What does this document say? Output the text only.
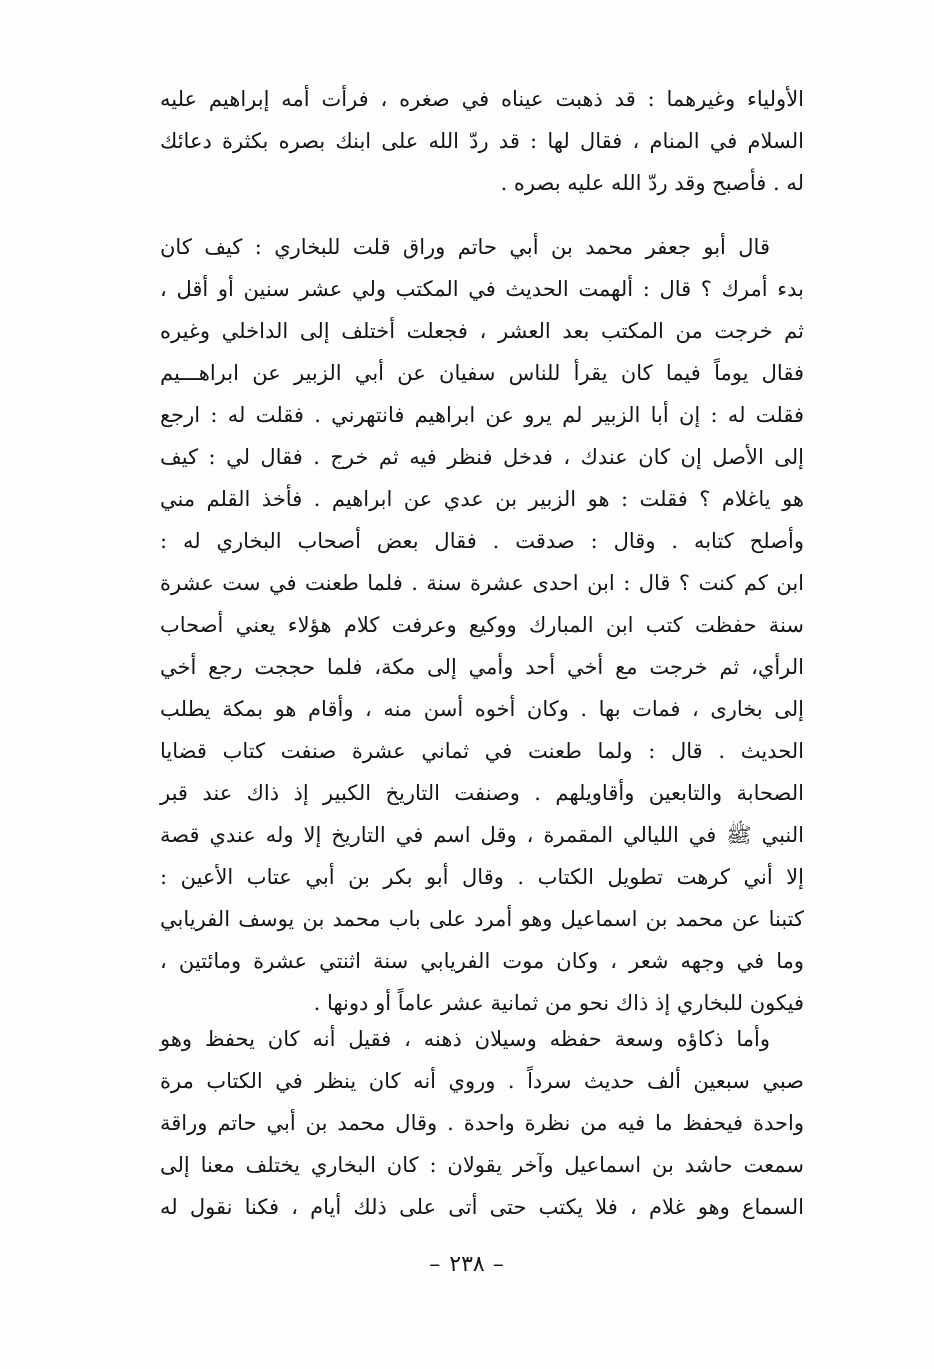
الأولياء وغيرهما : قد ذهبت عيناه في صغره ، فرأت أمه إبراهيم عليه
السلام في المنام ، فقال لها : قد ردّ الله على ابنك بصره بكثرة دعائك
له . فأصبح وقد ردّ الله عليه بصره .
قال أبو جعفر محمد بن أبي حاتم وراق قلت للبخاري : كيف كان
بدء أمرك ؟ قال : ألهمت الحديث في المكتب ولي عشر سنين أو أقل ،
ثم خرجت من المكتب بعد العشر ، فجعلت أختلف إلى الداخلي وغيره
فقال يوماً فيما كان يقرأ للناس سفيان عن أبي الزبير عن ابراهـــيم
فقلت له : إن أبا الزبير لم يرو عن ابراهيم فانتهرني . فقلت له : ارجع
إلى الأصل إن كان عندك ، فدخل فنظر فيه ثم خرج . فقال لي : كيف
هو ياغلام ؟ فقلت : هو الزبير بن عدي عن ابراهيم . فأخذ القلم مني
وأصلح كتابه . وقال : صدقت . فقال بعض أصحاب البخاري له :
ابن كم كنت ؟ قال : ابن احدى عشرة سنة . فلما طعنت في ست عشرة
سنة حفظت كتب ابن المبارك ووكيع وعرفت كلام هؤلاء يعني أصحاب
الرأي، ثم خرجت مع أخي أحد وأمي إلى مكة، فلما حججت رجع أخي
إلى بخارى ، فمات بها . وكان أخوه أسن منه ، وأقام هو بمكة يطلب
الحديث . قال : ولما طعنت في ثماني عشرة صنفت كتاب قضايا
الصحابة والتابعين وأقاويلهم . وصنفت التاريخ الكبير إذ ذاك عند قبر
النبي ﷺ في الليالي المقمرة ، وقل اسم في التاريخ إلا وله عندي قصة
إلا أني كرهت تطويل الكتاب . وقال أبو بكر بن أبي عتاب الأعين :
كتبنا عن محمد بن اسماعيل وهو أمرد على باب محمد بن يوسف الفريابي
وما في وجهه شعر ، وكان موت الفريابي سنة اثنتي عشرة ومائتين ،
فيكون للبخاري إذ ذاك نحو من ثمانية عشر عاماً أو دونها .
وأما ذكاؤه وسعة حفظه وسيلان ذهنه ، فقيل أنه كان يحفظ وهو
صبي سبعين ألف حديث سرداً . وروي أنه كان ينظر في الكتاب مرة
واحدة فيحفظ ما فيه من نظرة واحدة . وقال محمد بن أبي حاتم وراقة
سمعت حاشد بن اسماعيل وآخر يقولان : كان البخاري يختلف معنا إلى
السماع وهو غلام ، فلا يكتب حتى أتى على ذلك أيام ، فكنا نقول له
– ٢٣٨ –
